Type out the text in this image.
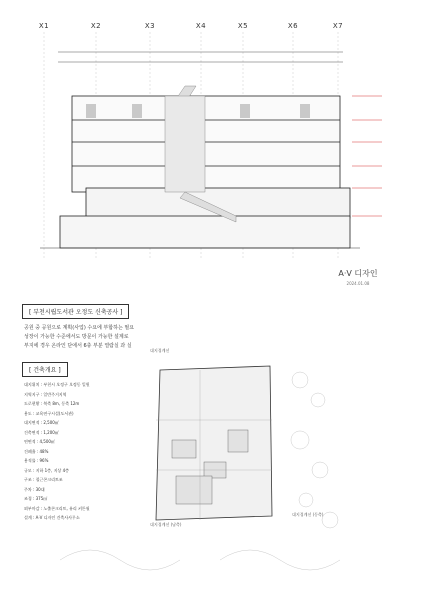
X1	X2	X3	X4	X5	X6	X7
A·V 디자인
2024.01.08
[ 부천시립도서관 오정도 신축공사 ]
공원 중 공원으로 계획(사업) 수요에 부합하는 필요
성장이 가능한 수준에서도 방문이 가능한 설계로
부지에 경우 온라인 단에서 6층 부분 열람실 과 실
[ 건축개요 ]
대지위치 : 부천시 오정구 오정동 일원
지역지구 : 일반주거지역
도로현황 : 북측 8m, 동측 12m
용도 : 교육연구시설(도서관)
대지면적 : 2,500㎡
건축면적 : 1,200㎡
연면적 : 4,500㎡
건폐율 : 48%
용적률 : 96%
규모 : 지하 1층, 지상 4층
구조 : 철근콘크리트조
주차 : 30대
조경 : 375㎡
외부마감 : 노출콘크리트, 유리 커튼월
설계 : A·V 디자인 건축사사무소
대지경계선
대지경계선 (남측)
대지경계선 (동측)
